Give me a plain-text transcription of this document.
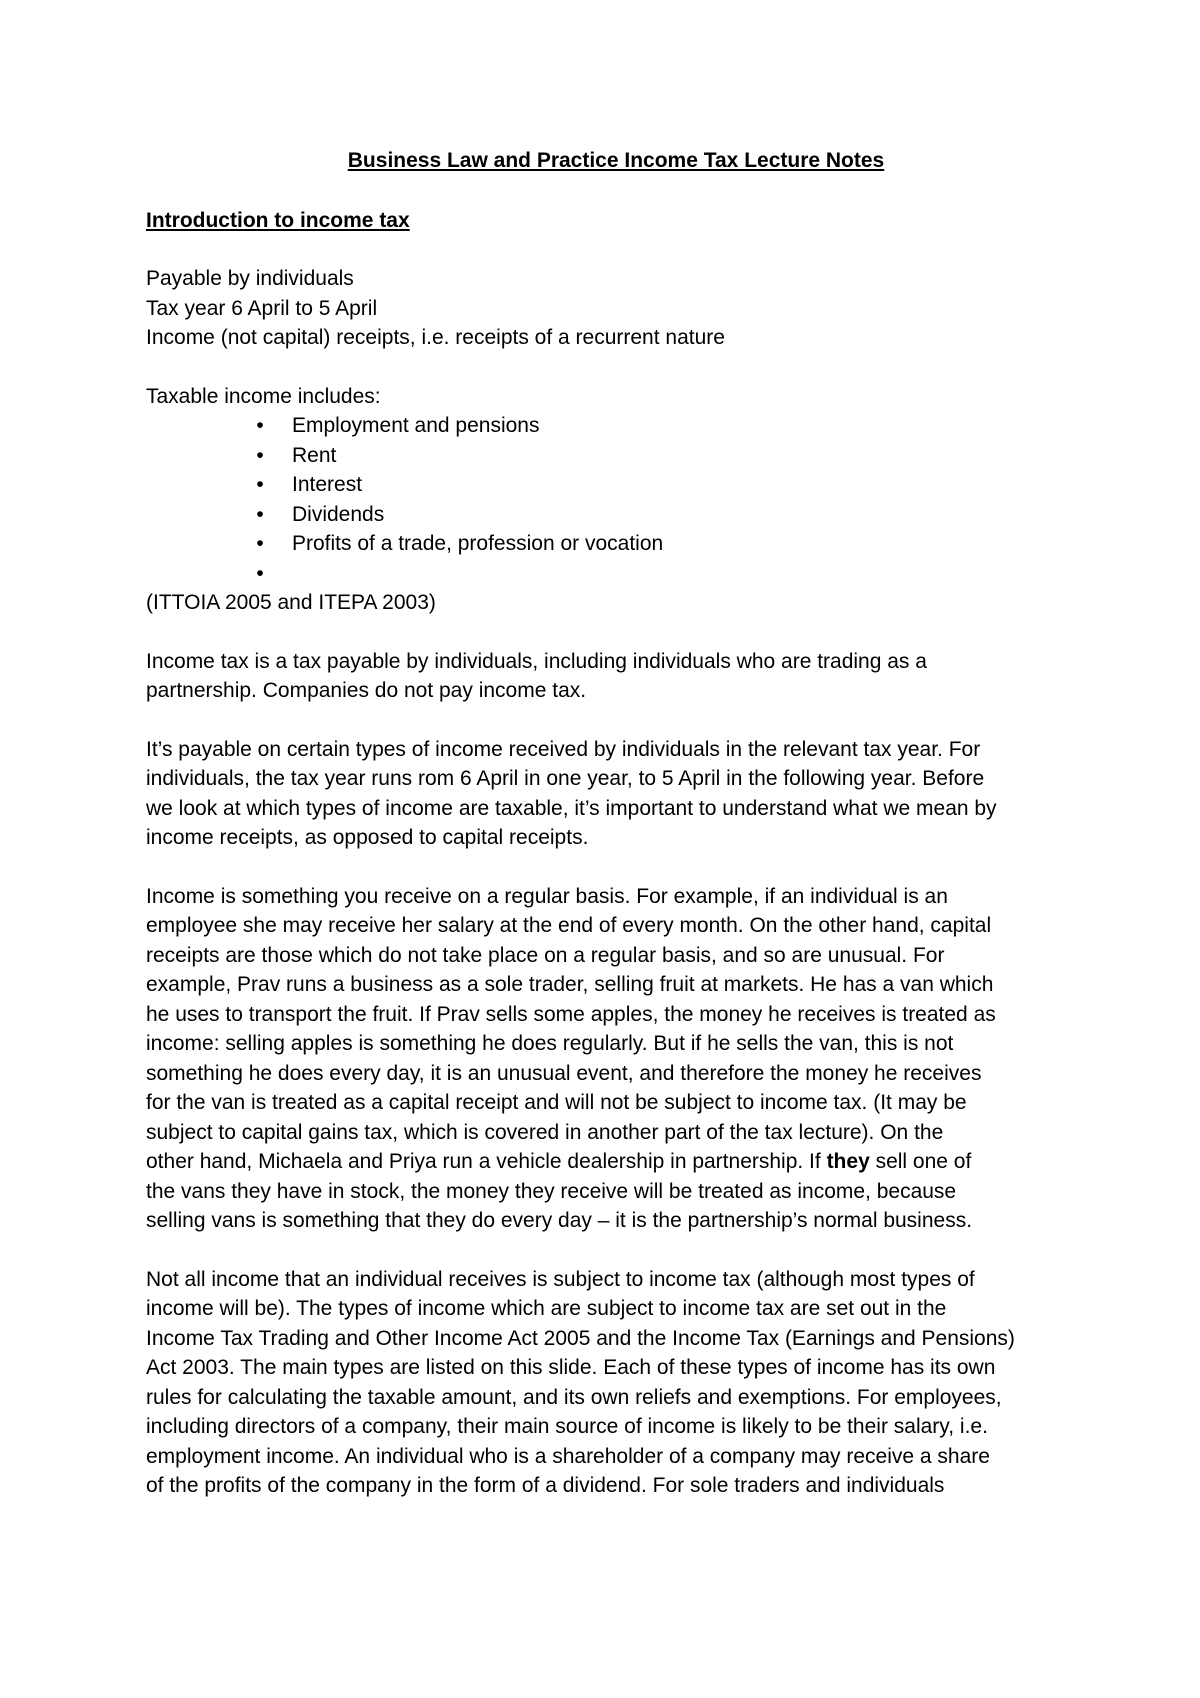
Business Law and Practice Income Tax Lecture Notes

Introduction to income tax

Payable by individuals

Tax year 6 April to 5 April

Income (not capital) receipts, i.e. receipts of a recurrent nature

Taxable income includes:

• Employment and pensions
• Rent
• Interest
• Dividends
• Profits of a trade, profession or vocation
•

(ITTOIA 2005 and ITEPA 2003)

Income tax is a tax payable by individuals, including individuals who are trading as a
partnership. Companies do not pay income tax.

It’s payable on certain types of income received by individuals in the relevant tax year. For
individuals, the tax year runs rom 6 April in one year, to 5 April in the following year. Before
we look at which types of income are taxable, it’s important to understand what we mean by
income receipts, as opposed to capital receipts.

Income is something you receive on a regular basis. For example, if an individual is an
employee she may receive her salary at the end of every month. On the other hand, capital
receipts are those which do not take place on a regular basis, and so are unusual. For
example, Prav runs a business as a sole trader, selling fruit at markets. He has a van which
he uses to transport the fruit. If Prav sells some apples, the money he receives is treated as
income: selling apples is something he does regularly. But if he sells the van, this is not
something he does every day, it is an unusual event, and therefore the money he receives
for the van is treated as a capital receipt and will not be subject to income tax. (It may be
subject to capital gains tax, which is covered in another part of the tax lecture). On the
other hand, Michaela and Priya run a vehicle dealership in partnership. If they sell one of
the vans they have in stock, the money they receive will be treated as income, because
selling vans is something that they do every day – it is the partnership’s normal business.

Not all income that an individual receives is subject to income tax (although most types of
income will be). The types of income which are subject to income tax are set out in the
Income Tax Trading and Other Income Act 2005 and the Income Tax (Earnings and Pensions)
Act 2003. The main types are listed on this slide. Each of these types of income has its own
rules for calculating the taxable amount, and its own reliefs and exemptions. For employees,
including directors of a company, their main source of income is likely to be their salary, i.e.
employment income. An individual who is a shareholder of a company may receive a share
of the profits of the company in the form of a dividend. For sole traders and individuals
